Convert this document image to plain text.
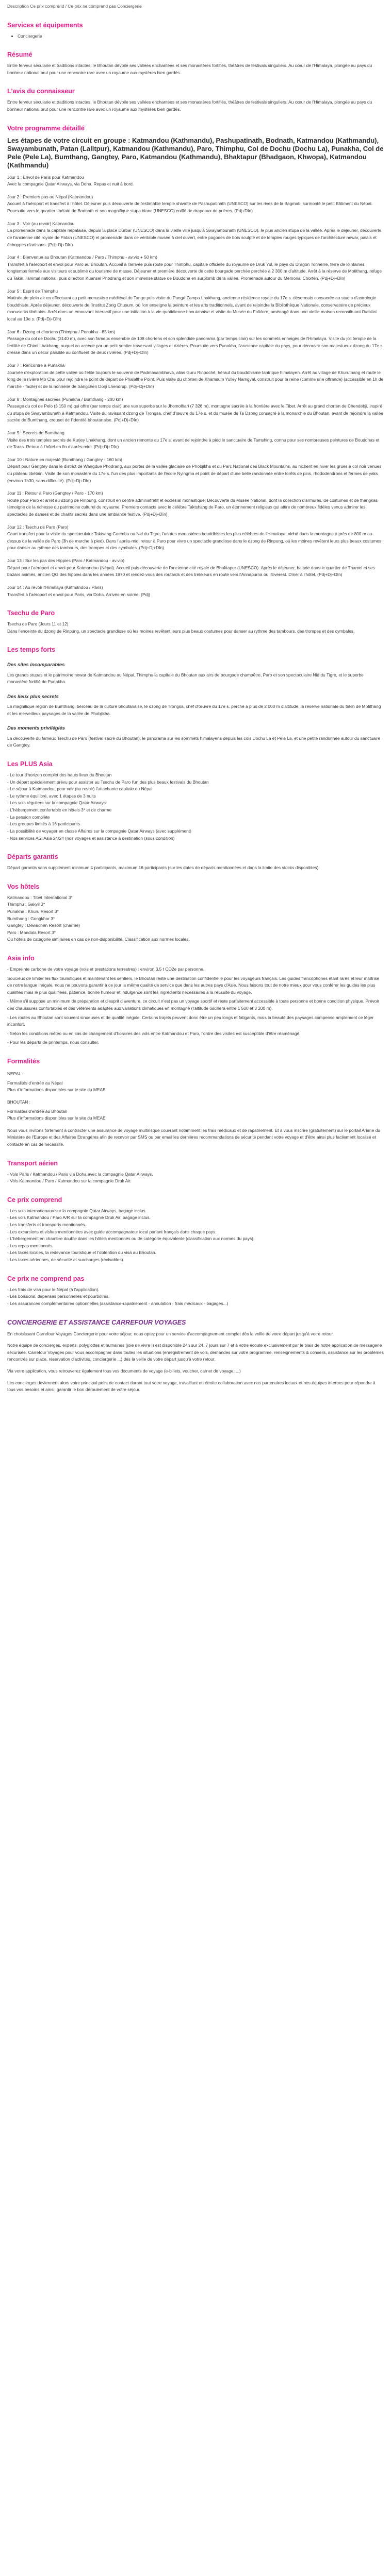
Description Ce prix comprend / Ce prix ne comprend pas Conciergerie
Services et équipements
• Conciergerie
Résumé

Entre ferveur sécularie et traditions intactes, le Bhoutan dévoile ses vallées enchantées et ses monastères fortifiés, théâtres de festivals singuliers. Au cœur de l'Himalaya, plongée au pays du bonheur national brut pour une rencontre rare avec un royaume aux mystères bien gardés.

L'avis du connaisseur

Entre ferveur sécularie et traditions intactes, le Bhoutan dévoile ses vallées enchantées et ses monastères fortifiés, théâtres de festivals singuliers. Au cœur de l'Himalaya, plongée au pays du bonheur national brut pour une rencontre rare avec un royaume aux mystères bien gardés.

Votre programme détaillé
Les étapes de votre circuit en groupe : Katmandou (Kathmandu), Pashupatinath, Bodnath, Katmandou (Kathmandu), Swayambunath, Patan (Lalitpur), Katmandou (Kathmandu), Paro, Thimphu, Col de Dochu (Dochu La), Punakha, Col de Pele (Pele La), Bumthang, Gangtey, Paro, Katmandou (Kathmandu), Bhaktapur (Bhadgaon, Khwopa), Katmandou (Kathmandu)
Jour 1 : Envol de Paris pour Katmandou
Avec la compagnie Qatar Airways, via Doha. Repas et nuit à bord.
Jour 2 : Premiers pas au Népal (Katmandou)
Accueil à l'aéroport et transfert à l'hôtel. Déjeuner puis découverte de l'estimable temple shivaïte de Pashupatinath (UNESCO) sur les rives de la Bagmati, surmonté le petit Bâtiment du Népal. Poursuite vers le quartier tibétain de Bodnath et son magnifique stupa blanc (UNESCO) coiffé de drapeaux de prières. (Pdj+Dîn)
Jour 3 : Voir (au revoir) Katmandou
La promenade dans la capitale népalaise, depuis la place Durbar (UNESCO) dans la vieille ville jusqu'à Swayambunath (UNESCO), le plus ancien stupa de la vallée. Après le déjeuner, découverte de l'ancienne cité royale de Patan (UNESCO) et promenade dans ce véritable musée à ciel ouvert, entre pagodes de bois sculpté et de temples rouges typiques de l'architecture newar, palais et échoppes d'artisans. (Pdj+Dj+Dîn)
Jour 4 : Bienvenue au Bhoutan (Katmandou / Paro / Thimphu - av.vio + 50 km)
Transfert à l'aéroport et envol pour Paro au Bhoutan. Accueil à l'arrivée puis route pour Thimphu, capitale officielle du royaume de Druk Yul, le pays du Dragon Tonnerre, terre de lointaines longtemps fermée aux visiteurs et sublimé du tourisme de masse. Déjeuner et première découverte de cette bourgade perchée perchée à 2 300 m d'altitude. Arrêt à la réserve de Motithang, refuge du Takin, l'animal national, puis direction Kuensel Phodrang et son immense statue de Bouddha en surplomb de la vallée. Promenade autour du Memorial Chorten. (Pdj+Dj+Dîn)
Jour 5 : Esprit de Thimphu
Matinée de plein air en effectuant au petit monastère médiéval de Tango puis visite du Pangri Zampa Lhakhang, ancienne résidence royale du 17e s. désormais consacrée au studio d'astrologie bouddhiste. Après déjeuner, découverte de l'institut Zorig Chusum, où l'on enseigne la peinture et les arts traditionnels, avant de rejoindre la Bibliothèque Nationale, conservatoire de précieux manuscrits tibétains. Arrêt dans un émouvant interactif pour une initiation à la vie quotidienne bhoutanaise et visite du Musée du Folklore, aménagé dans une vieille maison reconstituant l'habitat local au 19e s. (Pdj+Dj+Dîn)
Jour 6 : Dzong et chortens (Thimphu / Punakha - 85 km)
Passage du col de Dochu (3140 m), avec son fameux ensemble de 108 chortens et son splendide panorama (par temps clair) sur les sommets enneigés de l'Himalaya. Visite du joli temple de la fertilité de Chimi Lhakhang, auquel on accède par un petit sentier traversant villages et rizières. Poursuite vers Punakha, l'ancienne capitale du pays, pour découvrir son majestueux dzong du 17e s. dressé dans un décor paisible au confluent de deux rivières. (Pdj+Dj+Dîn)
Jour 7 : Rencontre à Punakha
Journée d'exploration de cette vallée où l'élite toujours le souvenir de Padmasambhava, alias Guru Rinpoché, héraut du bouddhisme tantrique himalayen. Arrêt au village de Khuruthang et route le long de la rivière Mo Chu pour rejoindre le point de départ de Phalalthe Point. Puis visite du chorten de Khamsum Yulley Namgyal, construit pour la reine (comme une offrande) (accessible en 1h de marche - facile) et de la nonnerie de Sangchen Dorji Lhendrup. (Pdj+Dj+Dîn)
Jour 8 : Montagnes sacrées (Punakha / Bumthang - 200 km)
Passage du col de Pelo (3 150 m) qui offre (par temps clair) une vue superbe sur le Jhomolhari (7 326 m), montagne sacrée à la frontière avec le Tibet. Arrêt au grand chorten de Chendebji, inspiré du stupa de Swayambunath à Katmandou. Visite du ravissant dzong de Trongsa, chef d'œuvre du 17e s. et du musée de Ta Dzong consacré à la monarchie du Bhoutan, avant de rejoindre la vallée sacrée de Bumthang, creuset de l'identité bhoutanaise. (Pdj+Dj+Dîn)
Jour 9 : Secrets de Bumthang
Visite des trois temples sacrés de Kurjey Lhakhang, dont un ancien remonte au 17e s. avant de rejoindre à pied le sanctuaire de Tamshing, connu pour ses nombreuses peintures de Bouddhas et de Taras. Retour à l'hôtel en fin d'après-midi. (Pdj+Dj+Dîn)
Jour 10 : Nature en majesté (Bumthang / Gangtey - 160 km)
Départ pour Gangtey dans le district de Wangdue Phodrang, aux portes de la vallée glaciaire de Phobjikha et du Parc National des Black Mountains, au nichent en hiver les grues à col noir venues du plateau tibétain. Visite de son monastère du 17e s. l'un des plus importants de l'école Nyingma et point de départ d'une belle randonnée entre forêts de pins, rhododendrons et fermes de yaks (environ 1h30, sans difficulté). (Pdj+Dj+Dîn)
Jour 11 : Retour à Paro (Gangtey / Paro - 170 km)
Route pour Paro et arrêt au dzong de Rinpung, construit en centre administratif et ecclésial monastique. Découverte du Musée National, dont la collection d'armures, de costumes et de thangkas témoigne de la richesse du patrimoine culturel du royaume. Premiers contacts avec le célèbre Taktshang de Paro, un étonnement religieux qui attire de nombreux fidèles venus admirer les spectacles de danses et de chants sacrés dans une ambiance festive. (Pdj+Dj+Dîn)
Jour 12 : Tsechu de Paro (Paro)
Court transfert pour la visite du spectaculaire Taktsang Goemba ou Nid du Tigre, l'un des monastères bouddhistes les plus célèbres de l'Himalaya, niché dans la montagne à près de 800 m au-dessus de la vallée de Paro (3h de marche à pied). Dans l'après-midi retour à Paro pour vivre un spectacle grandiose dans le dzong de Rinpung, où les moines revêtent leurs plus beaux costumes pour danser au rythme des tambours, des trompes et des cymbales. (Pdj+Dj+Dîn)
Jour 13 : Sur les pas des Hippies (Paro / Katmandou - av.vio)
Départ pour l'aéroport et envol pour Katmandou (Népal). Accueil puis découverte de l'ancienne cité royale de Bhaktapur (UNESCO). Après le déjeuner, balade dans le quartier de Thamel et ses bazars animés, ancien QG des hippies dans les années 1970 et rendez-vous des routards et des trekkeurs en route vers l'Annapurna ou l'Everest. Dîner à l'hôtel. (Pdj+Dj+Dîn)
Jour 14 : Au revoir l'Himalaya (Katmandou / Paris)
Transfert à l'aéroport et envol pour Paris, via Doha. Arrivée en soirée. (Pdj)
Tsechu de Paro

Tsechu de Paro (Jours 11 et 12)
Dans l'enceinte du dzong de Rinpung, un spectacle grandiose où les moines revêtent leurs plus beaux costumes pour danser au rythme des tambours, des trompes et des cymbales.

Les temps forts
Des sites incomparables

Les grands stupas et le patrimoine newar de Katmandou au Népal, Thimphu la capitale du Bhoutan aux airs de bourgade champêtre, Paro et son spectaculaire Nid du Tigre, et le superbe monastère fortifié de Punakha.

Des lieux plus secrets

La magnifique région de Bumthang, berceau de la culture bhoutanaise, le dzong de Trongsa, chef d'œuvre du 17e s. perché à plus de 2 000 m d'altitude, la réserve nationale du takin de Motithang et les merveilleux paysages de la vallée de Phobjikha.

Des moments privilégiés

La découverte du fameux Tsechu de Paro (festival sacré du Bhoutan), le panorama sur les sommets himalayens depuis les cols Dochu La et Pele La, et une petite randonnée autour du sanctuaire de Gangtey.

Les PLUS Asia
- Le tour d'horizon complet des hauts lieux du Bhoutan
- Un départ spécialement prévu pour assister au Tsechu de Paro l'un des plus beaux festivals du Bhoutan
- Le séjour à Katmandou, pour voir (ou revoir) l'attachante capitale du Népal
- Le rythme équilibré, avec 1 étapes de 3 nuits
- Les vols réguliers sur la compagnie Qatar Airways
- L'hébergement confortable en hôtels 3* et de charme
- La pension complète
- Les groupes limités à 16 participants
- La possibilité de voyager en classe Affaires sur la compagnie Qatar Airways (avec supplément)
- Nos services ASI Asia 24/24 (nos voyages et assistance à destination (sous condition)
Départs garantis

Départ garantis sans supplément minimum 4 participants, maximum 16 participants (sur les dates de départs mentionnées et dans la limite des stocks disponibles)

Vos hôtels
Katmandou : Tibet International 3*
Thimphu : Gakyil 3*
Punakha : Khuru Resort 3*
Bumthang : Gongkhar 3*
Gangtey : Dewachen Resort (charme)
Paro : Mandala Resort 3*
Ou hôtels de catégorie similaires en cas de non-disponibilité. Classification aux normes locales.
Asia info

- Empreinte carbone de votre voyage (vols et prestations terrestres) : environ 3,5 t CO2e par personne.

Soucieux de limiter les flux touristiques et maintenant les sentiers, le Bhoutan reste une destination confidentielle pour les voyageurs français. Les guides francophones étant rares et leur maîtrise de notre langue inégale, nous ne pouvons garantir à ce jour la même qualité de service que dans les autres pays d'Asie. Nous faisons tout de notre mieux pour vous conférer les guides les plus qualifiés mais le plus qualifiées, patience, bonne humeur et indulgence sont les ingrédients nécessaires à la réussite du voyage.

- Même s'il suppose un minimum de préparation et d'esprit d'aventure, ce circuit n'est pas un voyage sportif et reste parfaitement accessible à toute personne et bonne condition physique. Prévoir des chaussures confortables et des vêtements adaptés aux variations climatiques en montagne (l'altitude oscillera entre 1 500 et 3 200 m).

- Les routes au Bhoutan sont souvent sinueuses et de qualité inégale. Certains trajets peuvent donc être un peu longs et fatigants, mais la beauté des paysages compense amplement ce léger inconfort.

- Selon les conditions météo ou en cas de changement d'horaires des vols entre Katmandou et Paro, l'ordre des visites est susceptible d'être réaménagé.

- Pour les départs de printemps, nous consulter.

Formalités
NEPAL :
Formalités d'entrée au Népal
Plus d'informations disponibles sur le site du MEAE
BHOUTAN :
Formalités d'entrée au Bhoutan
Plus d'informations disponibles sur le site du MEAE

Nous vous invitons fortement à contracter une assurance de voyage multirisque couvrant notamment les frais médicaux et de rapatriement. Et à vous inscrire (gratuitement) sur le portail Ariane du Ministère de l'Europe et des Affaires Etrangères afin de recevoir par SMS ou par email les dernières recommandations de sécurité pendant votre voyage et d'être ainsi plus facilement localisé et contacté en cas de nécessité.

Transport aérien
- Vols Paris / Katmandou / Paris via Doha avec la compagnie Qatar Airways.
- Vols Katmandou / Paro / Katmandou sur la compagnie Druk Air.
Ce prix comprend
- Les vols internationaux sur la compagnie Qatar Airways, bagage inclus.
- Les vols Katmandou / Paro A/R sur la compagnie Druk Air, bagage inclus.
- Les transferts et transports mentionnés.
- Les excursions et visites mentionnées avec guide accompagnateur local parlant français dans chaque pays.
- L'hébergement en chambre double dans les hôtels mentionnés ou de catégorie équivalente (classification aux normes du pays).
- Les repas mentionnés.
- Les taxes locales, la redevance touristique et l'obtention du visa au Bhoutan.
- Les taxes aériennes, de sécurité et surcharges (révisables).
Ce prix ne comprend pas
- Les frais de visa pour le Népal (à l'application).
- Les boissons, dépenses personnelles et pourboires.
- Les assurances complémentaires optionnelles (assistance-rapatriement - annulation - frais médicaux - bagages...)
CONCIERGERIE ET ASSISTANCE CARREFOUR VOYAGES

En choisissant Carrefour Voyages Conciergerie pour votre séjour, nous optez pour un service d'accompagnement complet dès la veille de votre départ jusqu'à votre retour.

Notre équipe de concierges, experts, polyglottes et humaines (joie de vivre !) est disponible 24h sur 24, 7 jours sur 7 et à votre écoute exclusivement par le biais de notre application de messagerie sécurisée. Carrefour Voyages pour vous accompagner dans toutes les situations (enregistrement de vols, demandes sur votre programme, renseignements & conseils, assistance sur les problèmes rencontrés sur place, réservation d'activités, conciergerie ...) dès la veille de votre départ jusqu'à votre retour.

Via votre application, vous retrouverez également tous vos documents de voyage (e-billets, voucher, carnet de voyage, ...)

Les concierges deviennent alors votre principal point de contact durant tout votre voyage, travaillant en étroite collaboration avec nos partenaires locaux et nos équipes internes pour répondre à tous vos besoins et ainsi, garantir le bon déroulement de votre séjour.
